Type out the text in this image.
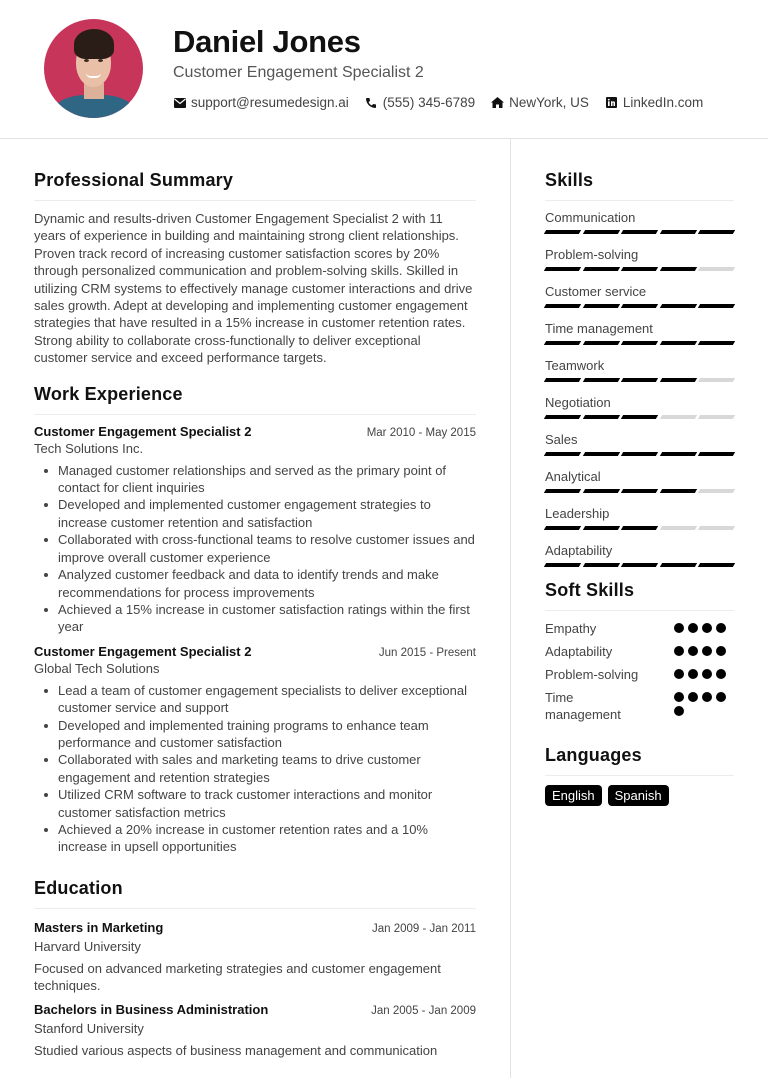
Daniel Jones
Customer Engagement Specialist 2
support@resumedesign.ai	(555) 345-6789	NewYork, US	LinkedIn.com
Professional Summary

Dynamic and results-driven Customer Engagement Specialist 2 with 11 years of experience in building and maintaining strong client relationships. Proven track record of increasing customer satisfaction scores by 20% through personalized communication and problem-solving skills. Skilled in utilizing CRM systems to effectively manage customer interactions and drive sales growth. Adept at developing and implementing customer engagement strategies that have resulted in a 15% increase in customer retention rates. Strong ability to collaborate cross-functionally to deliver exceptional customer service and exceed performance targets.

Work Experience
Customer Engagement Specialist 2	Mar 2010 - May 2015
Tech Solutions Inc.
Managed customer relationships and served as the primary point of contact for client inquiries
Developed and implemented customer engagement strategies to increase customer retention and satisfaction
Collaborated with cross-functional teams to resolve customer issues and improve overall customer experience
Analyzed customer feedback and data to identify trends and make recommendations for process improvements
Achieved a 15% increase in customer satisfaction ratings within the first year
Customer Engagement Specialist 2	Jun 2015 - Present
Global Tech Solutions
Lead a team of customer engagement specialists to deliver exceptional customer service and support
Developed and implemented training programs to enhance team performance and customer satisfaction
Collaborated with sales and marketing teams to drive customer engagement and retention strategies
Utilized CRM software to track customer interactions and monitor customer satisfaction metrics
Achieved a 20% increase in customer retention rates and a 10% increase in upsell opportunities
Education
Masters in Marketing	Jan 2009 - Jan 2011
Harvard University
Focused on advanced marketing strategies and customer engagement techniques.
Bachelors in Business Administration	Jan 2005 - Jan 2009
Stanford University
Studied various aspects of business management and communication
Skills
Communication
Problem-solving
Customer service
Time management
Teamwork
Negotiation
Sales
Analytical
Leadership
Adaptability
Soft Skills
Empathy
Adaptability
Problem-solving
Time management
Languages
English	Spanish
